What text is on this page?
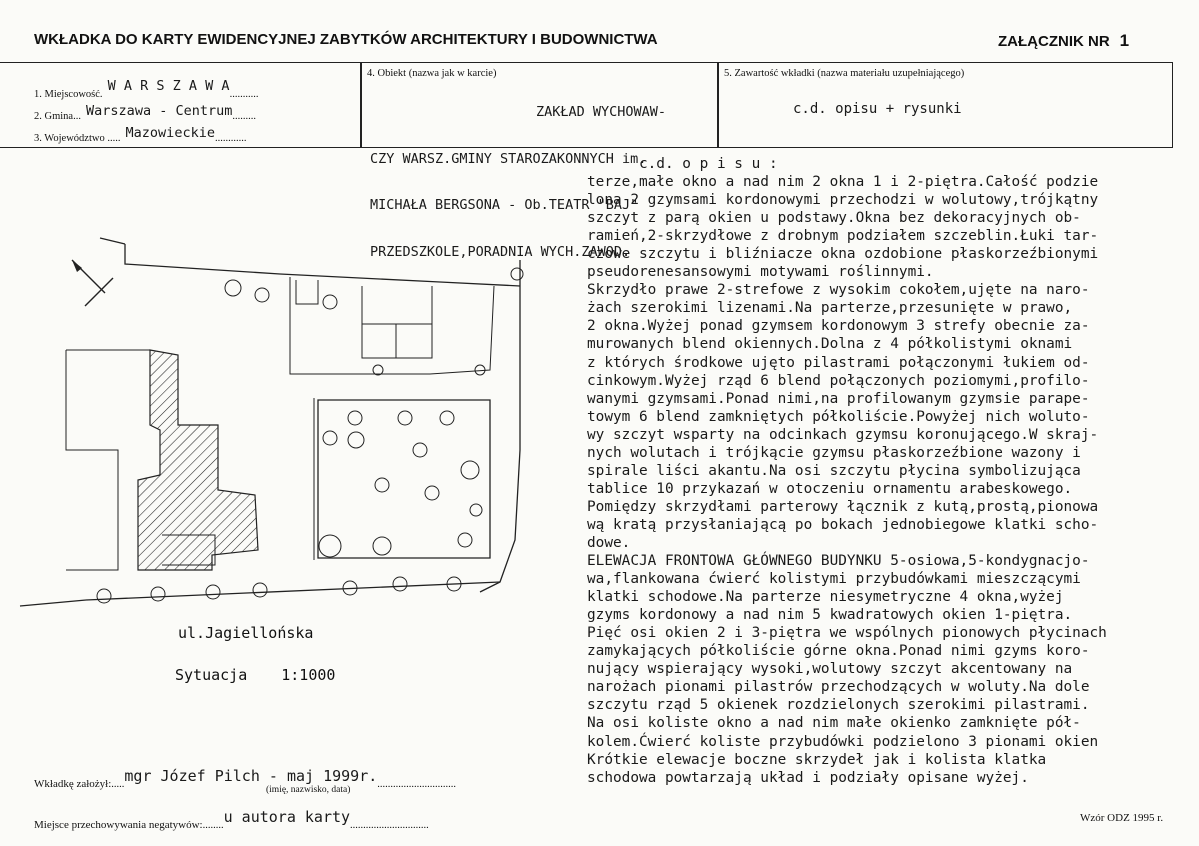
WKŁADKA DO KARTY EWIDENCYJNEJ ZABYTKÓW ARCHITEKTURY I BUDOWNICTWA	ZAŁĄCZNIK NR 1
1. Miejscowość. $^{W A R S Z A W A}$...........
2. Gmina... $^{Warszawa - Centrum}$.........
3. Województwo ..... $^{Mazowieckie}$............
4. Obiekt (nazwa jak w karcie)

ZAKŁAD WYCHOWAW-

CZY WARSZ.GMINY STAROZAKONNYCH im.

MICHAŁA BERGSONA - Ob.TEATR "BAJ"

PRZEDSZKOLE,PORADNIA WYCH.ZAWOD.

5. Zawartość wkładki (nazwa materiału uzupełniającego)
c.d. opisu + rysunki
ul.Jagiellońska
Sytuacja 1:1000
c.d. o p i s u :
terze,małe okno a nad nim 2 okna 1 i 2-piętra.Całość podzie
lona 2 gzymsami kordonowymi przechodzi w wolutowy,trójkątny
szczyt z parą okien u podstawy.Okna bez dekoracyjnych ob-
ramień,2-skrzydłowe z drobnym podziałem szczeblin.Łuki tar-
czowe szczytu i bliźniacze okna ozdobione płaskorzeźbionymi
pseudorenesansowymi motywami roślinnymi.
Skrzydło prawe 2-strefowe z wysokim cokołem,ujęte na naro-
żach szerokimi lizenami.Na parterze,przesunięte w prawo,
2 okna.Wyżej ponad gzymsem kordonowym 3 strefy obecnie za-
murowanych blend okiennych.Dolna z 4 półkolistymi oknami
z których środkowe ujęto pilastrami połączonymi łukiem od-
cinkowym.Wyżej rząd 6 blend połączonych poziomymi,profilo-
wanymi gzymsami.Ponad nimi,na profilowanym gzymsie parape-
towym 6 blend zamkniętych półkoliście.Powyżej nich woluto-
wy szczyt wsparty na odcinkach gzymsu koronującego.W skraj-
nych wolutach i trójkącie gzymsu płaskorzeźbione wazony i
spirale liści akantu.Na osi szczytu płycina symbolizująca
tablice 10 przykazań w otoczeniu ornamentu arabeskowego.
Pomiędzy skrzydłami parterowy łącznik z kutą,prostą,pionowa
wą kratą przysłaniającą po bokach jednobiegowe klatki scho-
dowe.
ELEWACJA FRONTOWA GŁÓWNEGO BUDYNKU 5-osiowa,5-kondygnacjo-
wa,flankowana ćwierć kolistymi przybudówkami mieszczącymi
klatki schodowe.Na parterze niesymetryczne 4 okna,wyżej
gzyms kordonowy a nad nim 5 kwadratowych okien 1-piętra.
Pięć osi okien 2 i 3-piętra we wspólnych pionowych płycinach
zamykających półkoliście górne okna.Ponad nimi gzyms koro-
nujący wspierający wysoki,wolutowy szczyt akcentowany na
narożach pionami pilastrów przechodzących w woluty.Na dole
szczytu rząd 5 okienek rozdzielonych szerokimi pilastrami.
Na osi koliste okno a nad nim małe okienko zamknięte pół-
kolem.Ćwierć koliste przybudówki podzielono 3 pionami okien
Krótkie elewacje boczne skrzydeł jak i kolista klatka
schodowa powtarzają układ i podziały opisane wyżej.
Wkładkę założył:.....mgr Józef Pilch - maj 1999r...............................
(imię, nazwisko, data)
Miejsce przechowywania negatywów:........u autora karty..............................
Wzór ODZ 1995 r.
